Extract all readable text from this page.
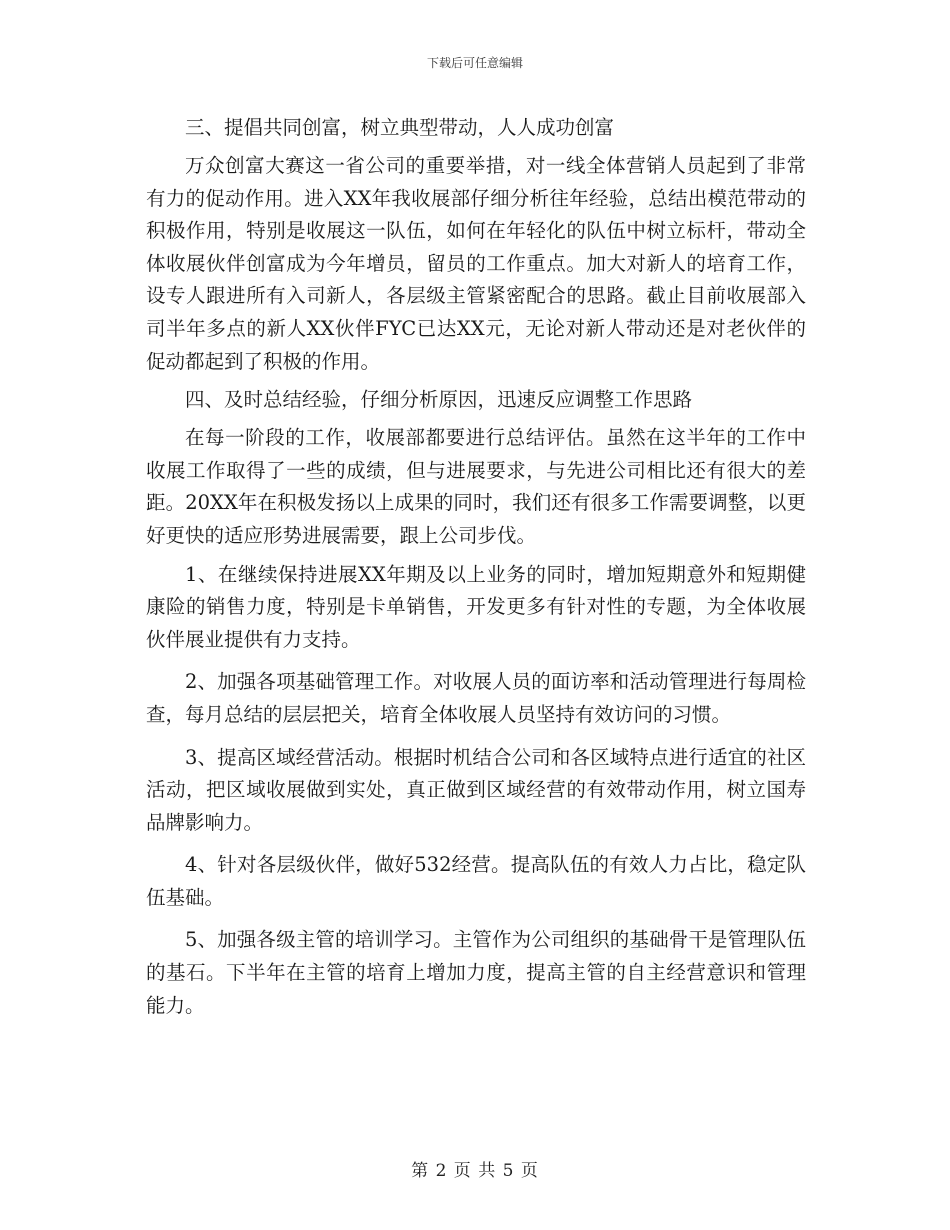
下载后可任意编辑

三、提倡共同创富，树立典型带动，人人成功创富

万众创富大赛这一省公司的重要举措，对一线全体营销人员起到了非常有力的促动作用。进入XX年我收展部仔细分析往年经验，总结出模范带动的积极作用，特别是收展这一队伍，如何在年轻化的队伍中树立标杆，带动全体收展伙伴创富成为今年增员，留员的工作重点。加大对新人的培育工作，设专人跟进所有入司新人，各层级主管紧密配合的思路。截止目前收展部入司半年多点的新人XX伙伴FYC已达XX元，无论对新人带动还是对老伙伴的促动都起到了积极的作用。

四、及时总结经验，仔细分析原因，迅速反应调整工作思路

在每一阶段的工作，收展部都要进行总结评估。虽然在这半年的工作中收展工作取得了一些的成绩，但与进展要求，与先进公司相比还有很大的差距。20XX年在积极发扬以上成果的同时，我们还有很多工作需要调整，以更好更快的适应形势进展需要，跟上公司步伐。

1、在继续保持进展XX年期及以上业务的同时，增加短期意外和短期健康险的销售力度，特别是卡单销售，开发更多有针对性的专题，为全体收展伙伴展业提供有力支持。

2、加强各项基础管理工作。对收展人员的面访率和活动管理进行每周检查，每月总结的层层把关，培育全体收展人员坚持有效访问的习惯。

3、提高区域经营活动。根据时机结合公司和各区域特点进行适宜的社区活动，把区域收展做到实处，真正做到区域经营的有效带动作用，树立国寿品牌影响力。

4、针对各层级伙伴，做好532经营。提高队伍的有效人力占比，稳定队伍基础。

5、加强各级主管的培训学习。主管作为公司组织的基础骨干是管理队伍的基石。下半年在主管的培育上增加力度，提高主管的自主经营意识和管理能力。

第 2 页 共 5 页
